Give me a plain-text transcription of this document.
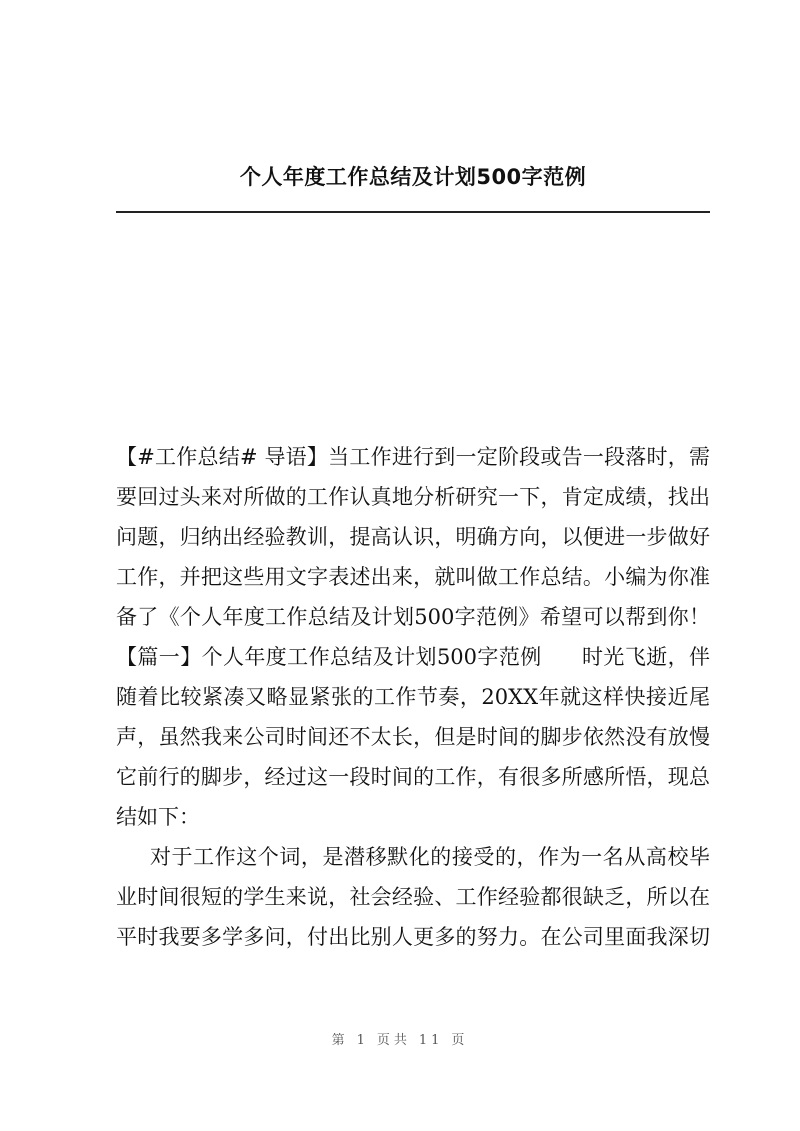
个人年度工作总结及计划500字范例
【#工作总结# 导语】当工作进行到一定阶段或告一段落时，需
要回过头来对所做的工作认真地分析研究一下，肯定成绩，找出
问题，归纳出经验教训，提高认识，明确方向，以便进一步做好
工作，并把这些用文字表述出来，就叫做工作总结。小编为你准
备了《个人年度工作总结及计划500字范例》希望可以帮到你！
【篇一】个人年度工作总结及计划500字范例 时光飞逝，伴
随着比较紧凑又略显紧张的工作节奏，20XX年就这样快接近尾
声，虽然我来公司时间还不太长，但是时间的脚步依然没有放慢
它前行的脚步，经过这一段时间的工作，有很多所感所悟，现总
结如下：
对于工作这个词，是潜移默化的接受的，作为一名从高校毕
业时间很短的学生来说，社会经验、工作经验都很缺乏，所以在
平时我要多学多问，付出比别人更多的努力。在公司里面我深切
第 1 页共 11 页
